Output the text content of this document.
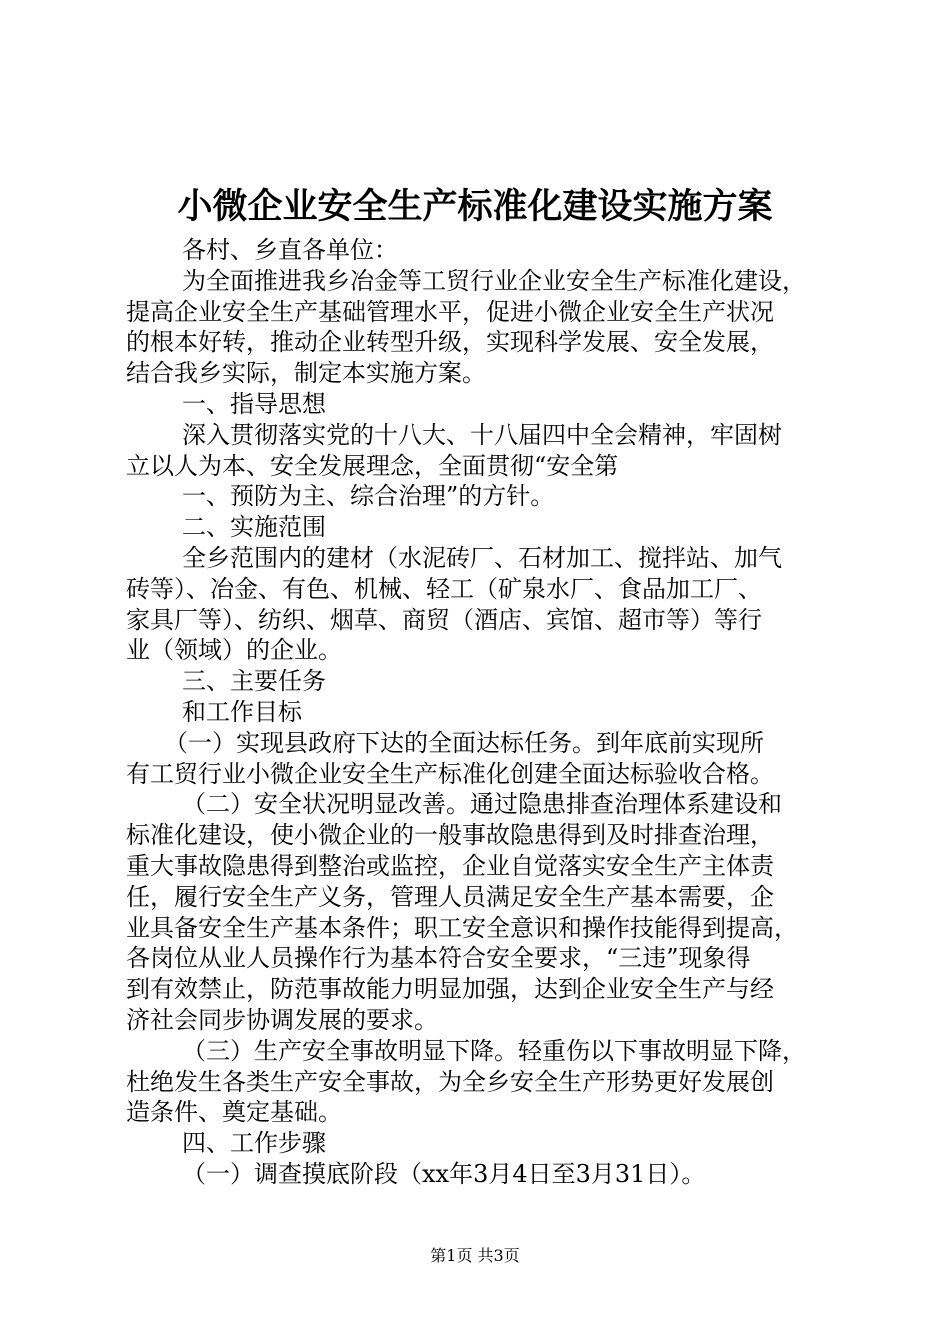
小微企业安全生产标准化建设实施方案
各村、乡直各单位：
为全面推进我乡冶金等工贸行业企业安全生产标准化建设，
提高企业安全生产基础管理水平，促进小微企业安全生产状况
的根本好转，推动企业转型升级，实现科学发展、安全发展，
结合我乡实际，制定本实施方案。
一、指导思想
深入贯彻落实党的十八大、十八届四中全会精神，牢固树
立以人为本、安全发展理念，全面贯彻“安全第
一、预防为主、综合治理”的方针。
二、实施范围
全乡范围内的建材（水泥砖厂、石材加工、搅拌站、加气
砖等）、冶金、有色、机械、轻工（矿泉水厂、食品加工厂、
家具厂等）、纺织、烟草、商贸（酒店、宾馆、超市等）等行
业（领域）的企业。
三、主要任务
和工作目标
（一）实现县政府下达的全面达标任务。到年底前实现所
有工贸行业小微企业安全生产标准化创建全面达标验收合格。
（二）安全状况明显改善。通过隐患排查治理体系建设和
标准化建设，使小微企业的一般事故隐患得到及时排查治理，
重大事故隐患得到整治或监控，企业自觉落实安全生产主体责
任，履行安全生产义务，管理人员满足安全生产基本需要，企
业具备安全生产基本条件；职工安全意识和操作技能得到提高，
各岗位从业人员操作行为基本符合安全要求，“三违”现象得
到有效禁止，防范事故能力明显加强，达到企业安全生产与经
济社会同步协调发展的要求。
（三）生产安全事故明显下降。轻重伤以下事故明显下降，
杜绝发生各类生产安全事故，为全乡安全生产形势更好发展创
造条件、奠定基础。
四、工作步骤
（一）调查摸底阶段（xx年3月4日至3月31日）。
第1页 共3页
